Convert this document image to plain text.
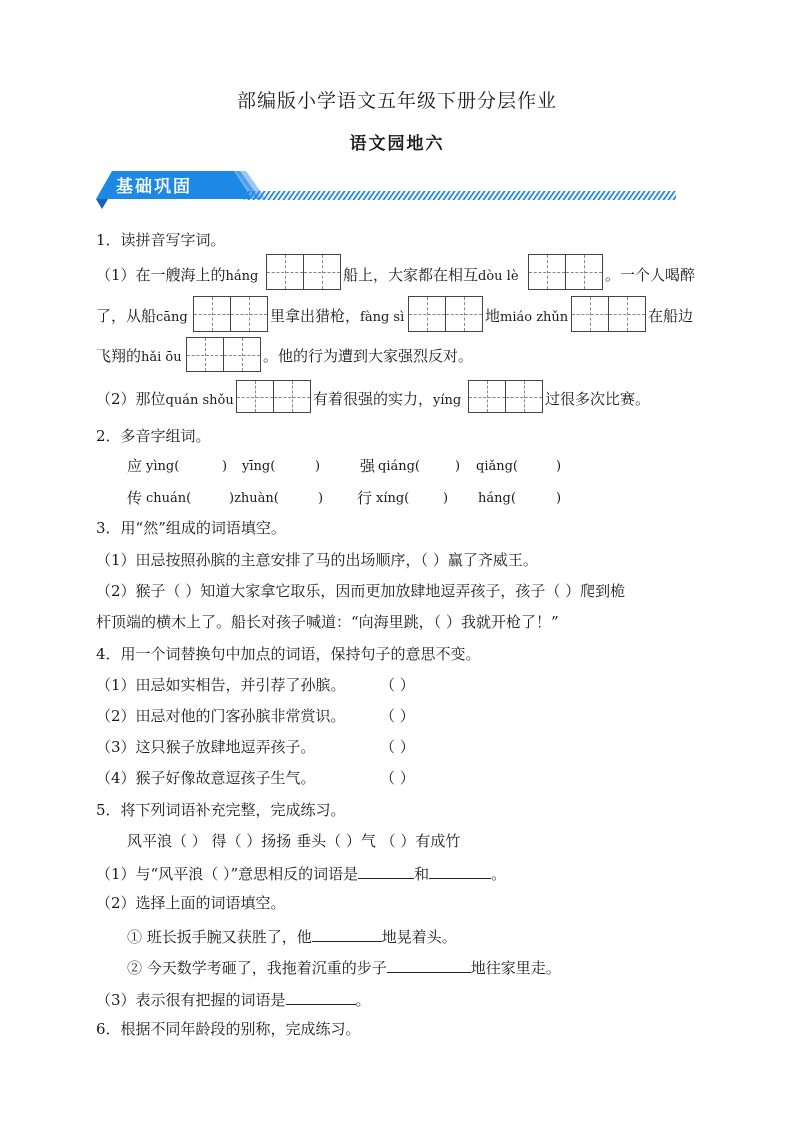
部编版小学语文五年级下册分层作业
语文园地六
基础巩固
1．读拼音写字词。
（1）在一艘海上的háng	船上，大家都在相互dòu lè	。一个人喝醉
了，从船cāng	里拿出猎枪，fàng sì	地miáo zhǔn	在船边
飞翔的hǎi ōu	。他的行为遭到大家强烈反对。
（2）那位quán shǒu	有着很强的实力，yíng	过很多次比赛。
2．多音字组词。
应 yìng(	) yīng(	)	强 qiáng(	) qiǎng(	)
传 chuán(	)zhuàn(	) 行 xíng(	) háng(	)
3．用“然”组成的词语填空。
（1）田忌按照孙膑的主意安排了马的出场顺序，（ ）赢了齐威王。
（2）猴子（ ）知道大家拿它取乐，因而更加放肆地逗弄孩子，孩子（ ）爬到桅
杆顶端的横木上了。船长对孩子喊道：“向海里跳，（ ）我就开枪了！”
4．用一个词替换句中加点的词语，保持句子的意思不变。
（1）田忌如实相告，并引荐了孙膑。 （ ）
（2）田忌对他的门客孙膑非常赏识。 （ ）
（3）这只猴子放肆地逗弄孩子。	（ ）
（4）猴子好像故意逗孩子生气。	（ ）
5．将下列词语补充完整，完成练习。
风平浪（ ） 得（ ）扬扬 垂头（ ）气 （ ）有成竹
（1）与“风平浪（ ）”意思相反的词语是	和	。
（2）选择上面的词语填空。
① 班长扳手腕又获胜了，他	地晃着头。
② 今天数学考砸了，我拖着沉重的步子	地往家里走。
（3）表示很有把握的词语是	。
6．根据不同年龄段的别称，完成练习。
